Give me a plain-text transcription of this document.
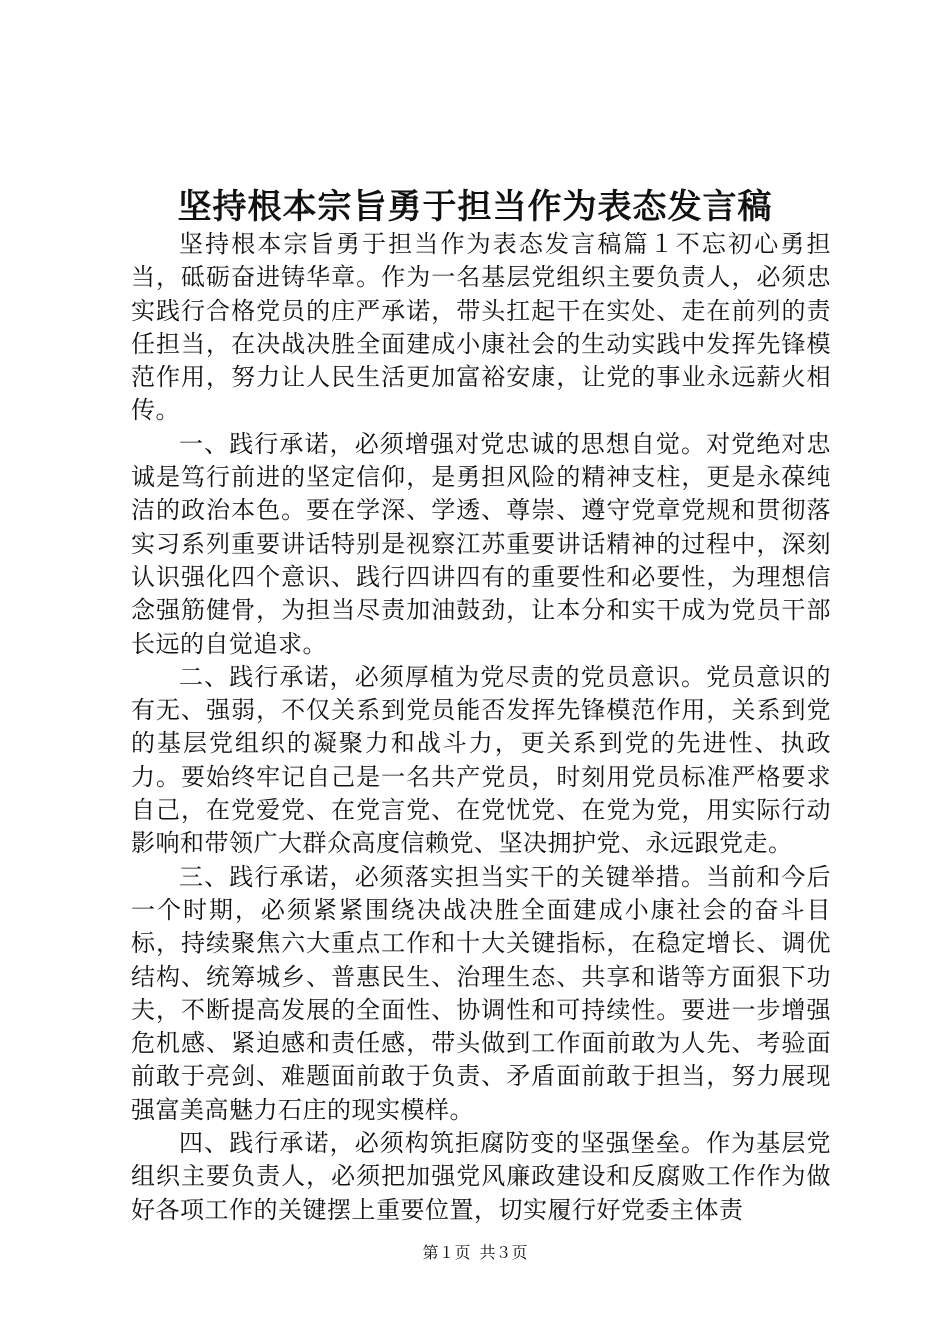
坚持根本宗旨勇于担当作为表态发言稿

坚持根本宗旨勇于担当作为表态发言稿篇１不忘初心勇担当，砥砺奋进铸华章。作为一名基层党组织主要负责人，必须忠实践行合格党员的庄严承诺，带头扛起干在实处、走在前列的责任担当，在决战决胜全面建成小康社会的生动实践中发挥先锋模范作用，努力让人民生活更加富裕安康，让党的事业永远薪火相传。

一、践行承诺，必须增强对党忠诚的思想自觉。对党绝对忠诚是笃行前进的坚定信仰，是勇担风险的精神支柱，更是永葆纯洁的政治本色。要在学深、学透、尊崇、遵守党章党规和贯彻落实习系列重要讲话特别是视察江苏重要讲话精神的过程中，深刻认识强化四个意识、践行四讲四有的重要性和必要性，为理想信念强筋健骨，为担当尽责加油鼓劲，让本分和实干成为党员干部长远的自觉追求。

二、践行承诺，必须厚植为党尽责的党员意识。党员意识的有无、强弱，不仅关系到党员能否发挥先锋模范作用，关系到党的基层党组织的凝聚力和战斗力，更关系到党的先进性、执政力。要始终牢记自己是一名共产党员，时刻用党员标准严格要求自己，在党爱党、在党言党、在党忧党、在党为党，用实际行动影响和带领广大群众高度信赖党、坚决拥护党、永远跟党走。

三、践行承诺，必须落实担当实干的关键举措。当前和今后一个时期，必须紧紧围绕决战决胜全面建成小康社会的奋斗目标，持续聚焦六大重点工作和十大关键指标，在稳定增长、调优结构、统筹城乡、普惠民生、治理生态、共享和谐等方面狠下功夫，不断提高发展的全面性、协调性和可持续性。要进一步增强危机感、紧迫感和责任感，带头做到工作面前敢为人先、考验面前敢于亮剑、难题面前敢于负责、矛盾面前敢于担当，努力展现强富美高魅力石庄的现实模样。

四、践行承诺，必须构筑拒腐防变的坚强堡垒。作为基层党组织主要负责人，必须把加强党风廉政建设和反腐败工作作为做好各项工作的关键摆上重要位置，切实履行好党委主体责

第１页 共３页
